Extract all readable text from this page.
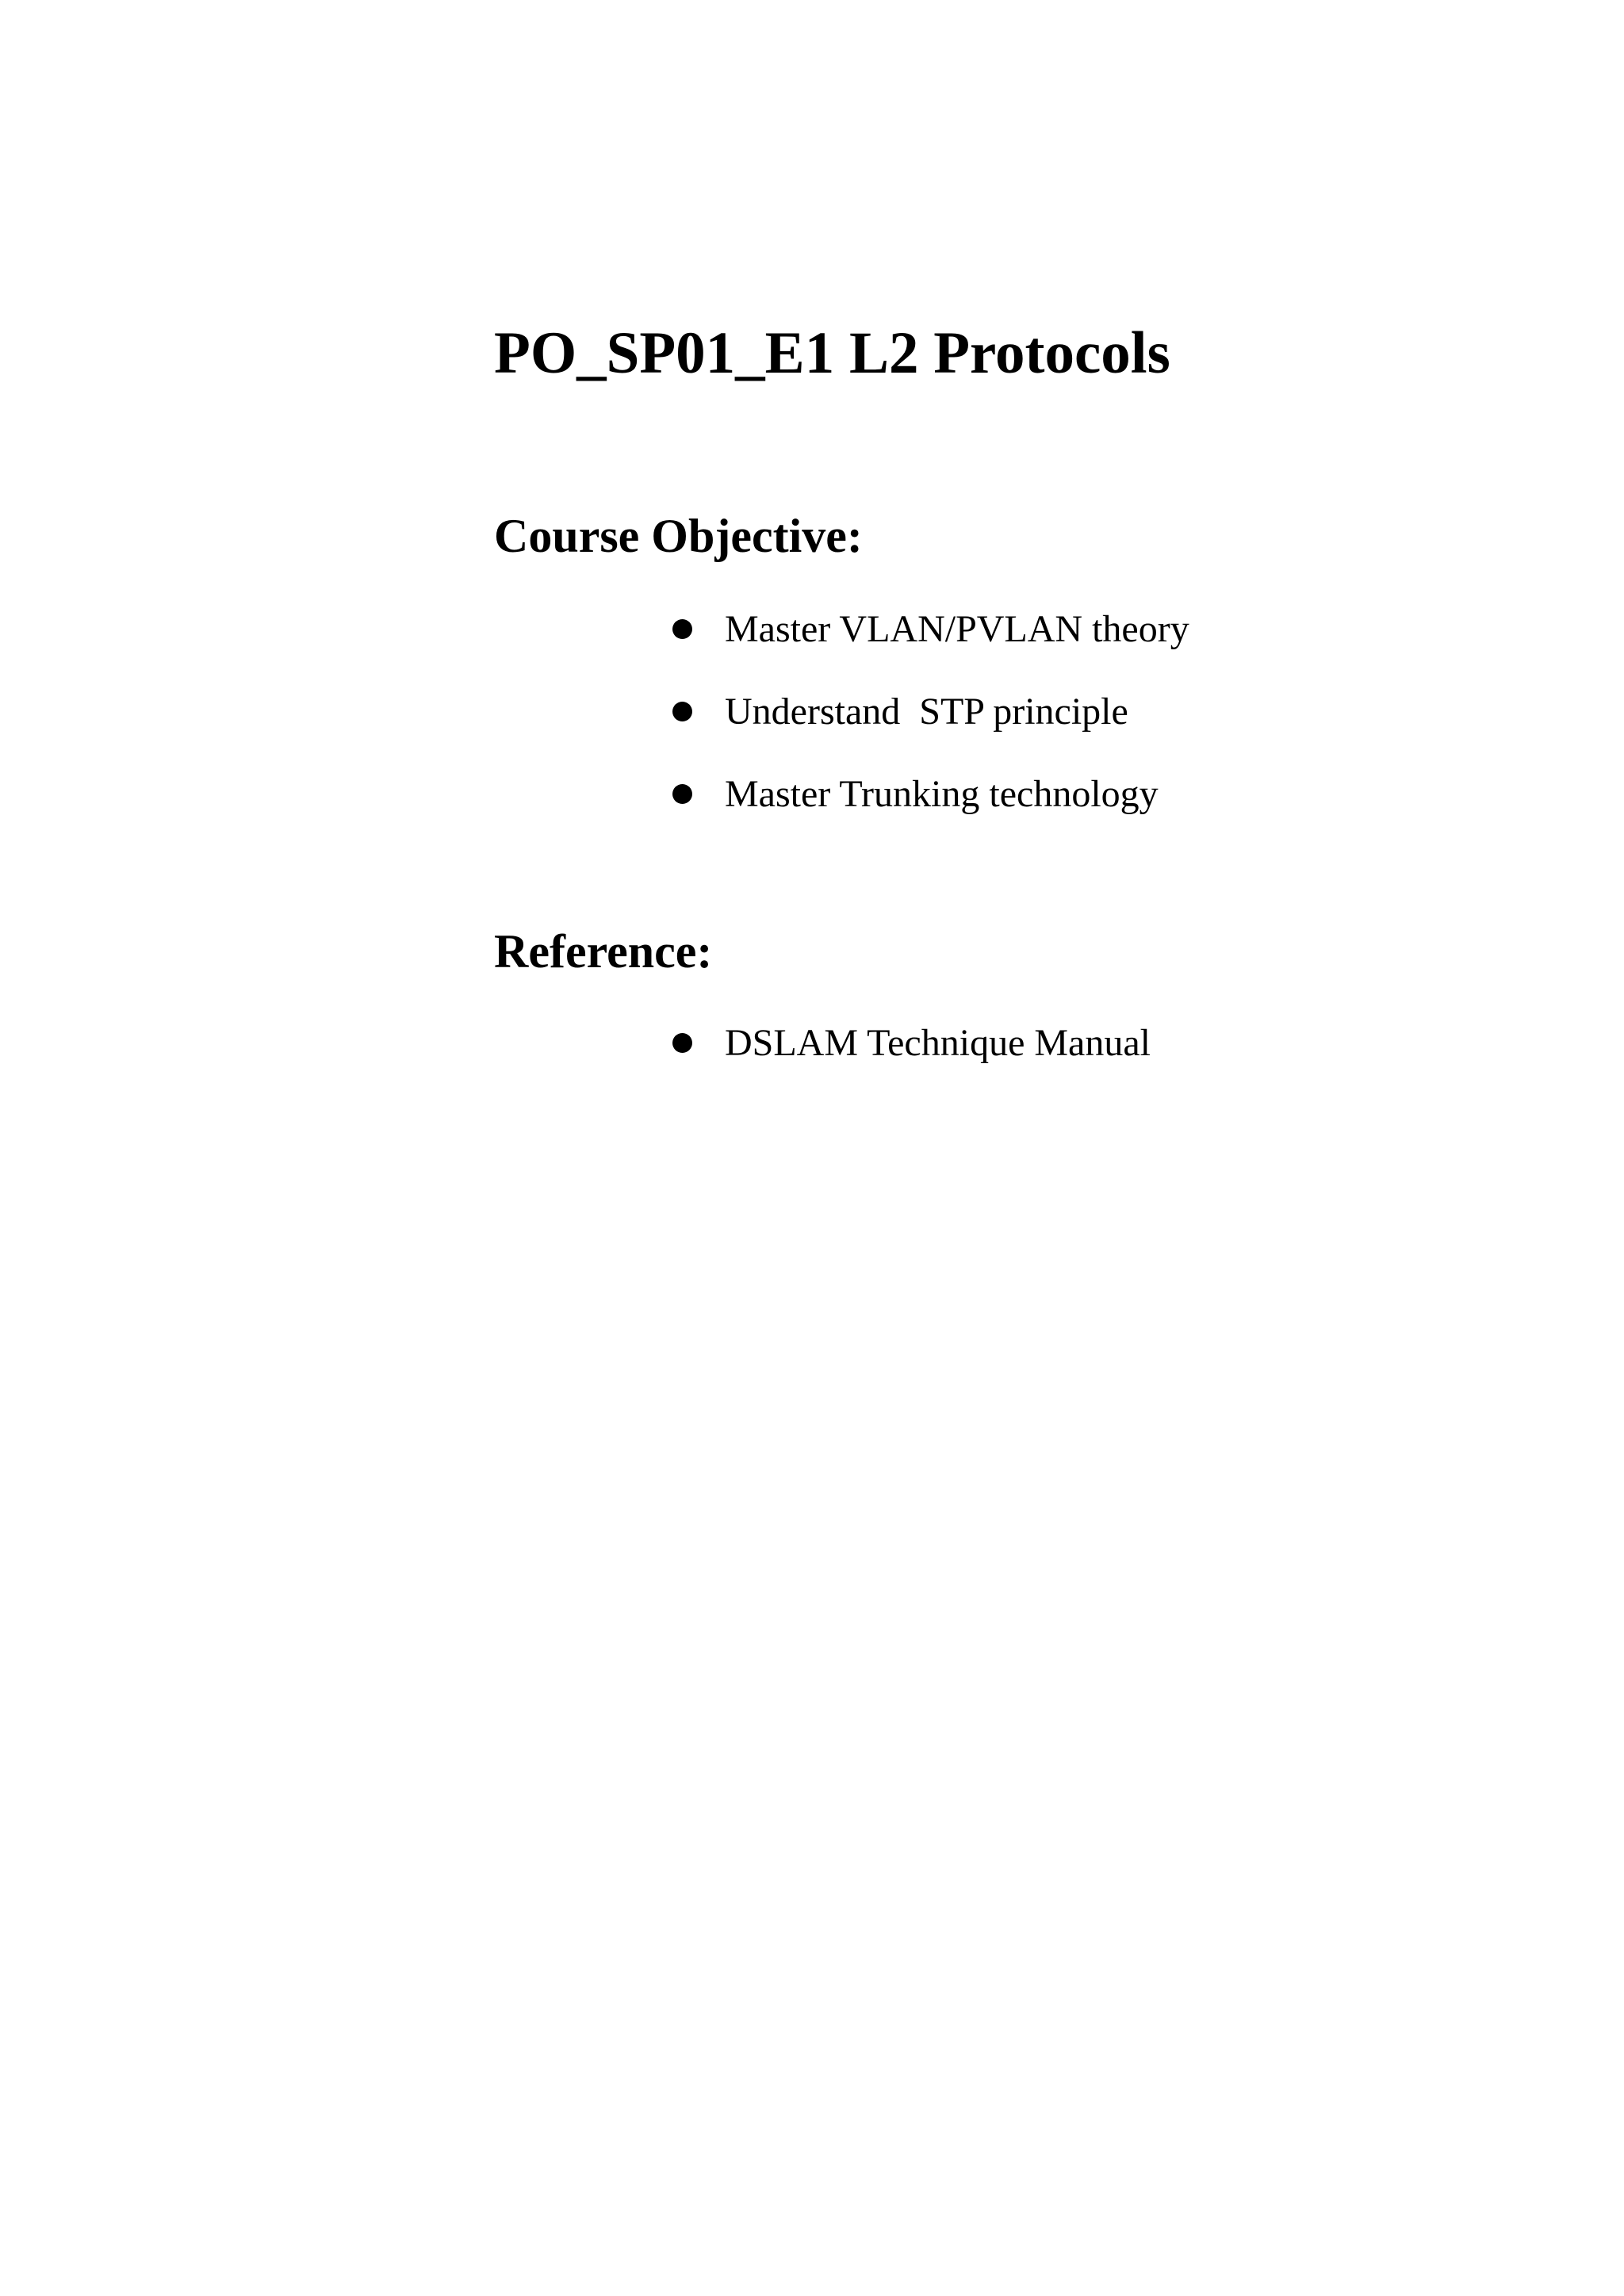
PO_SP01_E1 L2 Protocols
Course Objective:
Master VLAN/PVLAN theory
Understand  STP principle
Master Trunking technology
Reference:
DSLAM Technique Manual
